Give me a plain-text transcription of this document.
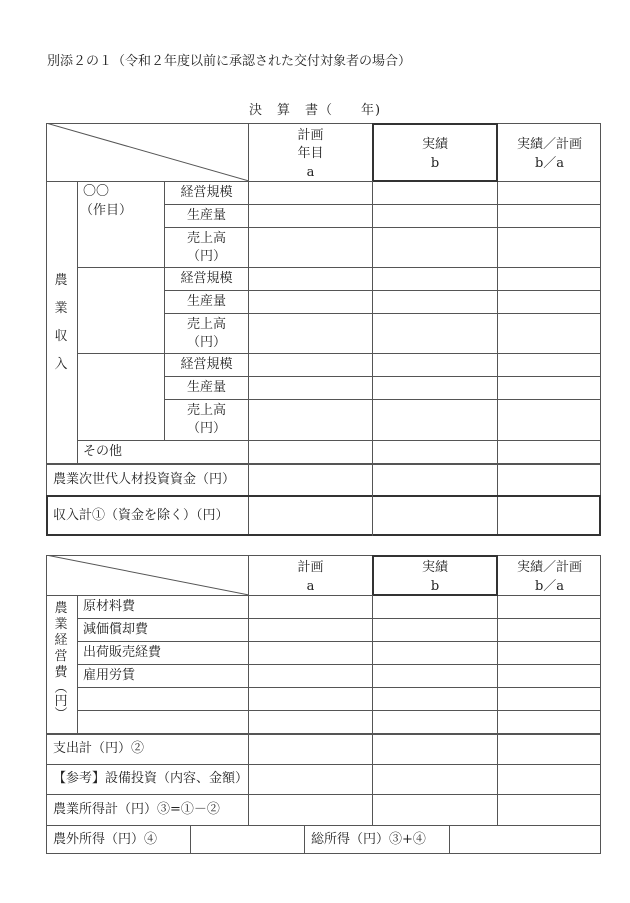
別添２の１（令和２年度以前に承認された交付対象者の場合）
決　算　書（　　年)
計画
年目
a
実績
b
実績／計画
b／a
農
業
収
入
〇〇
（作目）
経営規模
生産量
売上高
（円）
経営規模
生産量
売上高
（円）
経営規模
生産量
売上高
（円）
その他
農業次世代人材投資資金（円）
収入計①（資金を除く）（円）
計画
a
実績
b
実績／計画
b／a
農
業
経
営
費
︵
円
︶
原材料費
減価償却費
出荷販売経費
雇用労賃
支出計（円）②
【参考】設備投資（内容、金額）
農業所得計（円）③=①－②
農外所得（円）④	総所得（円）③+④
